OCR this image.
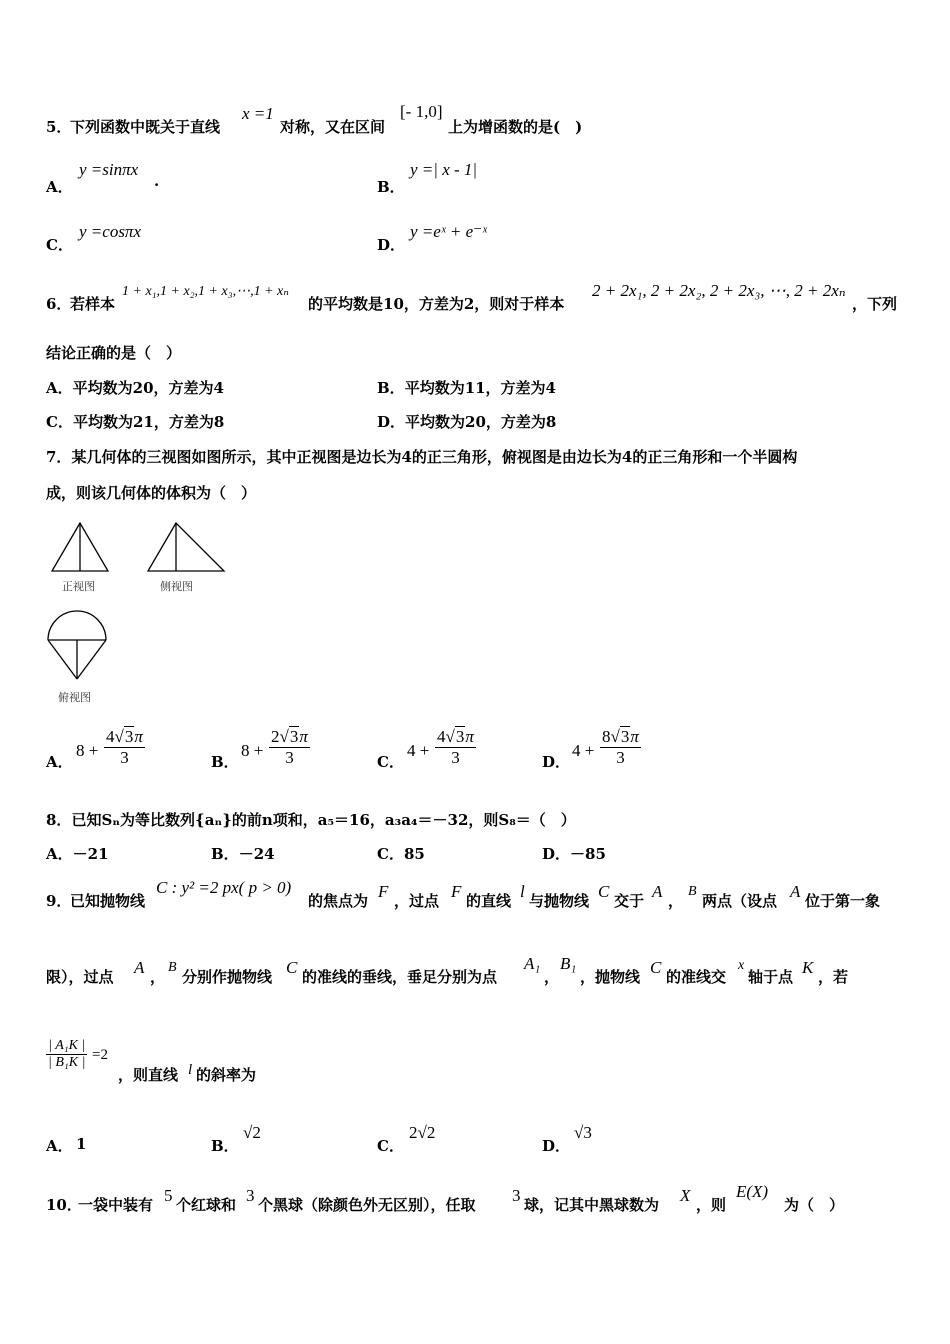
5．
下列函数中既关于直线
x =1
对称，又在区间
[- 1,0]
上为增函数的是(　)
A．
y =sinπx
.	B．
y =| x - 1|
C．
y =cosπx
D．
y =eˣ + e⁻ˣ
6．
若样本
1 + x₁,1 + x₂,1 + x₃,⋯,1 + xₙ
的平均数是10，方差为2，则对于样本
2 + 2x₁, 2 + 2x₂, 2 + 2x₃, ⋯, 2 + 2xₙ
，下列
结论正确的是（　）
A．平均数为20，方差为4	B．平均数为11，方差为4
C．平均数为21，方差为8	D．平均数为20，方差为8
7．某几何体的三视图如图所示，其中正视图是边长为4的正三角形，俯视图是由边长为4的正三角形和一个半圆构
成，则该几何体的体积为（　）
正视图	侧视图
俯视图
A．
$8 + \frac{4√3\pi}{3}$	B．
$8 + \frac{2√3\pi}{3}$	C．
$4 + \frac{4√3\pi}{3}$	D．
$4 + \frac{8√3\pi}{3}$
8．已知Sₙ为等比数列{aₙ}的前n项和，a₅＝16，a₃a₄＝－32，则S₈＝（　）
A．－21	B．－24	C．85	D．－85
9．
已知抛物线
C : y² =2 px( p > 0)
的焦点为 F ，过点 F 的直线 l 与抛物线 C 交于 A ，
B
两点（设点 A 位于第一象
限），过点 A ，
B
分别作抛物线 C 的准线的垂线，垂足分别为点
A₁
，
B₁
，抛物线 C 的准线交
x
轴于点 K ，若
$\frac{\text{| A₁K |}}{\text{| B₁K |}} =2$
，则直线 l 的斜率为
A． 1	B．
√2
C．
2√2
D．
√3
10．
一袋中装有 5 个红球和 3 个黑球（除颜色外无区别），任取 3 球，记其中黑球数为 X ，则
E(X)
为（　）
